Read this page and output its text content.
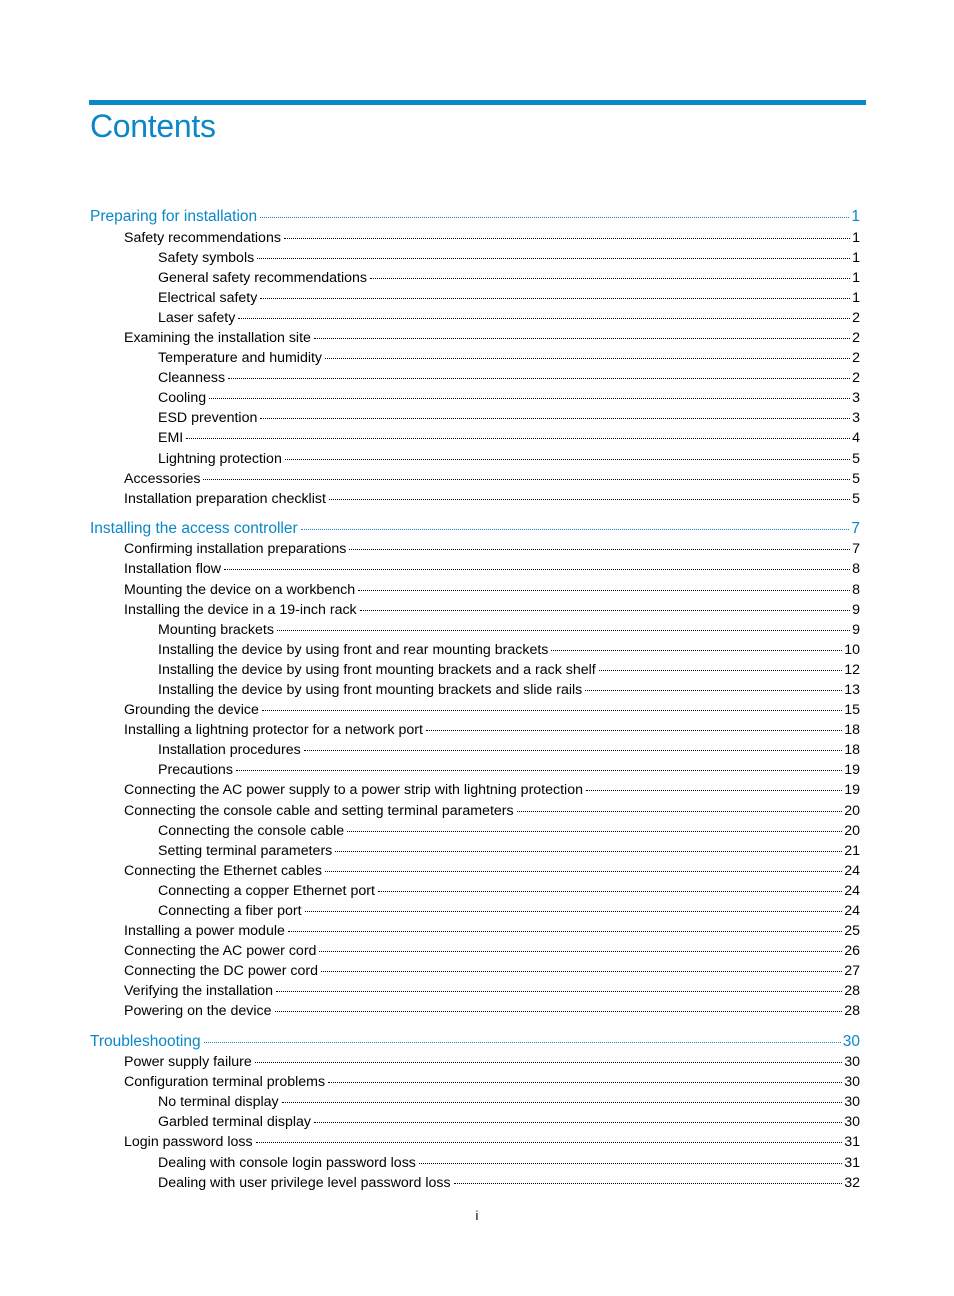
Contents
Preparing for installation	1
Safety recommendations	1
Safety symbols	1
General safety recommendations	1
Electrical safety	1
Laser safety	2
Examining the installation site	2
Temperature and humidity	2
Cleanness	2
Cooling	3
ESD prevention	3
EMI	4
Lightning protection	5
Accessories	5
Installation preparation checklist	5
Installing the access controller	7
Confirming installation preparations	7
Installation flow	8
Mounting the device on a workbench	8
Installing the device in a 19-inch rack	9
Mounting brackets	9
Installing the device by using front and rear mounting brackets	10
Installing the device by using front mounting brackets and a rack shelf	12
Installing the device by using front mounting brackets and slide rails	13
Grounding the device	15
Installing a lightning protector for a network port	18
Installation procedures	18
Precautions	19
Connecting the AC power supply to a power strip with lightning protection	19
Connecting the console cable and setting terminal parameters	20
Connecting the console cable	20
Setting terminal parameters	21
Connecting the Ethernet cables	24
Connecting a copper Ethernet port	24
Connecting a fiber port	24
Installing a power module	25
Connecting the AC power cord	26
Connecting the DC power cord	27
Verifying the installation	28
Powering on the device	28
Troubleshooting	30
Power supply failure	30
Configuration terminal problems	30
No terminal display	30
Garbled terminal display	30
Login password loss	31
Dealing with console login password loss	31
Dealing with user privilege level password loss	32
i
